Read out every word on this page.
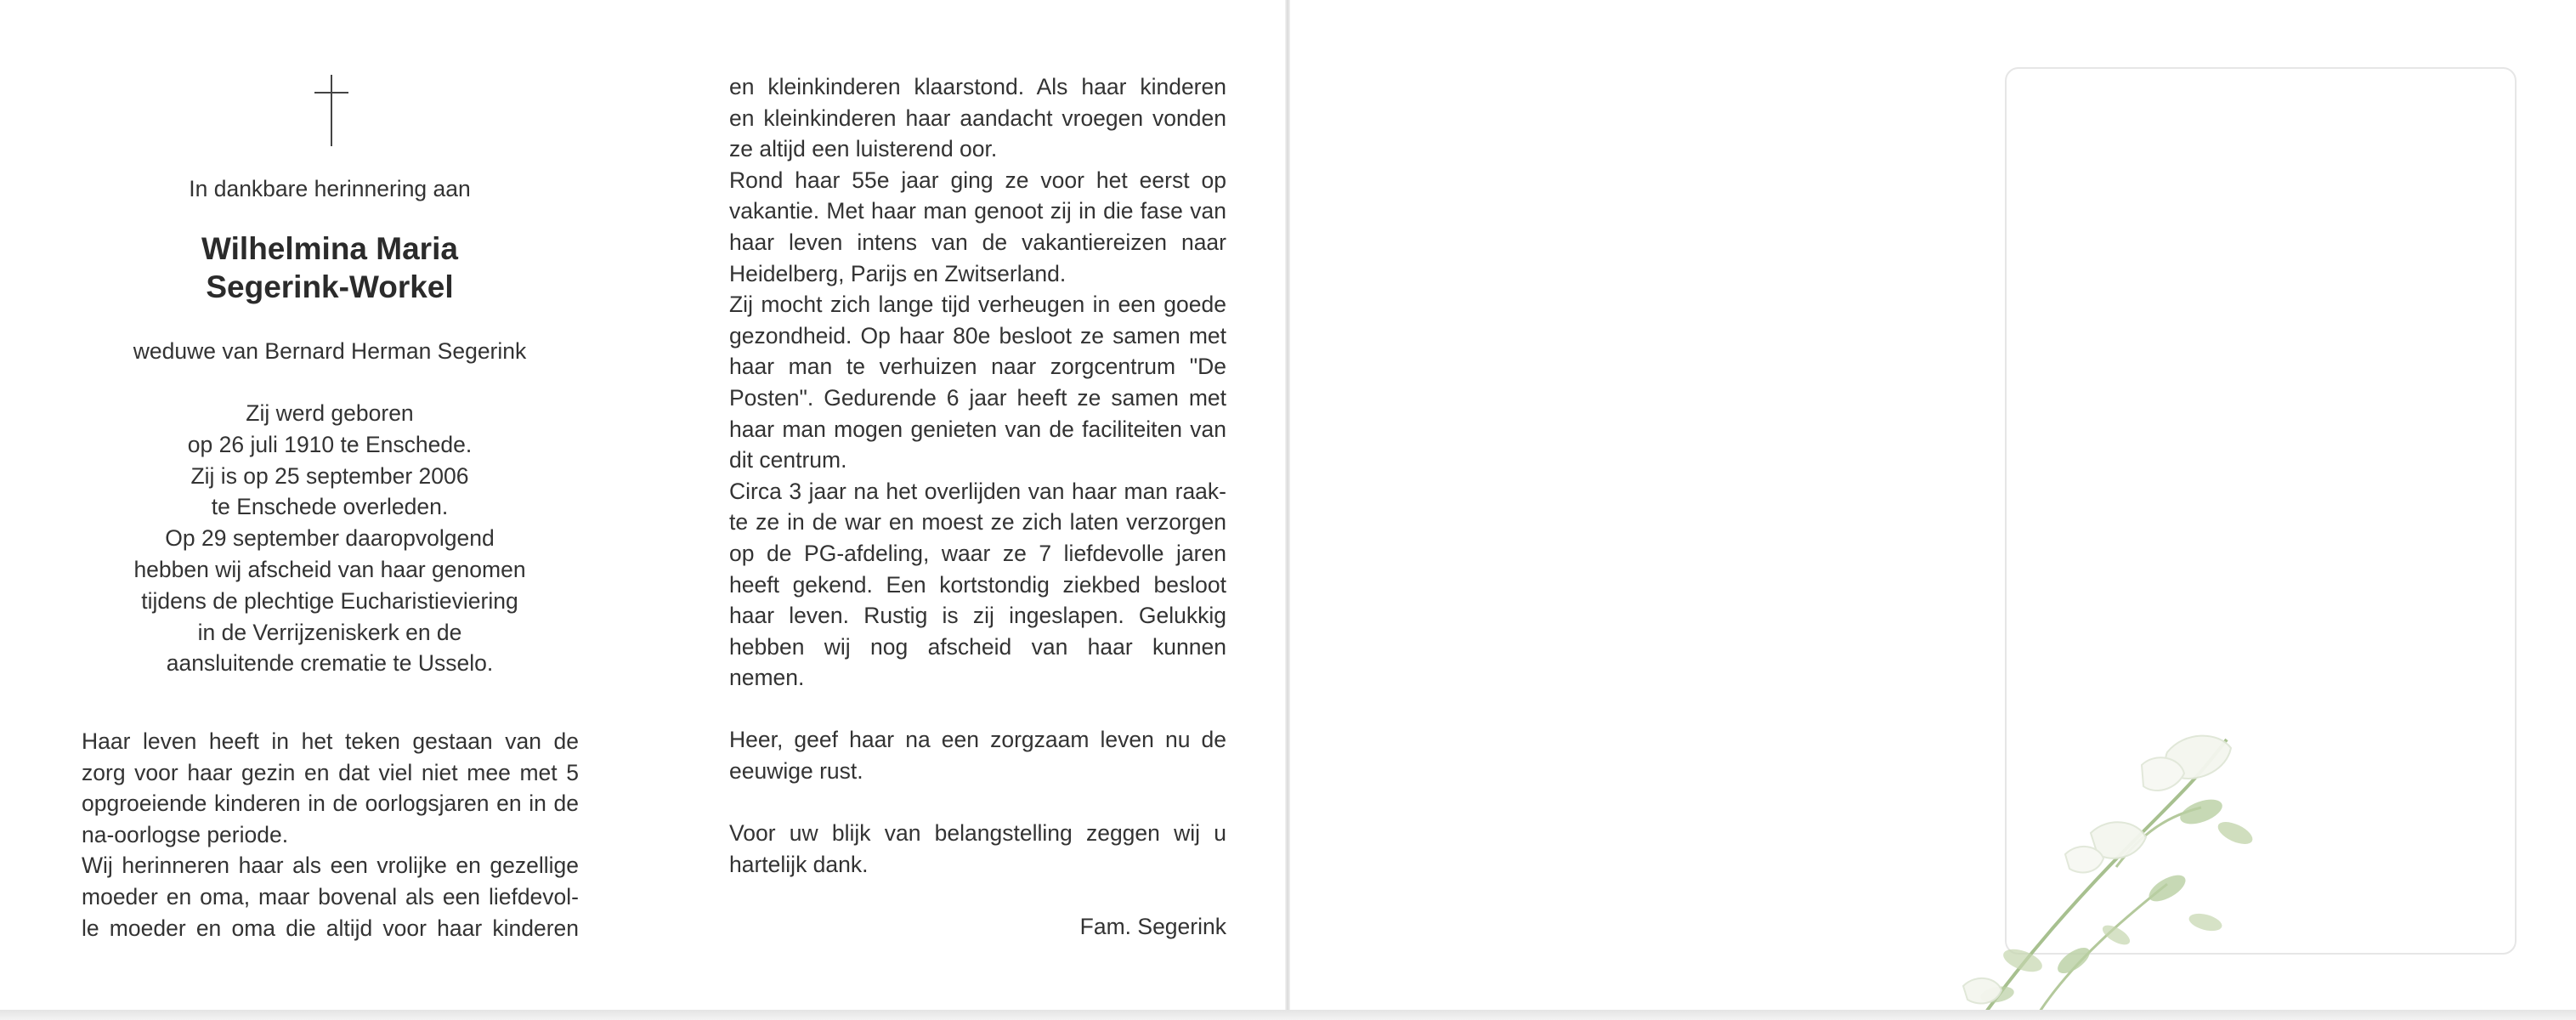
In dankbare herinnering aan
Wilhelmina Maria
Segerink-Workel
weduwe van Bernard Herman Segerink
Zij werd geboren
op 26 juli 1910 te Enschede.
Zij is op 25 september 2006
te Enschede overleden.
Op 29 september daaropvolgend
hebben wij afscheid van haar genomen
tijdens de plechtige Eucharistieviering
in de Verrijzeniskerk en de
aansluitende crematie te Usselo.

Haar leven heeft in het teken gestaan van de

zorg voor haar gezin en dat viel niet mee met 5

opgroeiende kinderen in de oorlogsjaren en in de

na-oorlogse periode.

Wij herinneren haar als een vrolijke en gezellige

moeder en oma, maar bovenal als een liefdevol-

le moeder en oma die altijd voor haar kinderen

en kleinkinderen klaarstond. Als haar kinderen

en kleinkinderen haar aandacht vroegen vonden

ze altijd een luisterend oor.

Rond haar 55e jaar ging ze voor het eerst op

vakantie. Met haar man genoot zij in die fase van

haar leven intens van de vakantiereizen naar

Heidelberg, Parijs en Zwitserland.

Zij mocht zich lange tijd verheugen in een goede

gezondheid. Op haar 80e besloot ze samen met

haar man te verhuizen naar zorgcentrum "De

Posten". Gedurende 6 jaar heeft ze samen met

haar man mogen genieten van de faciliteiten van

dit centrum.

Circa 3 jaar na het overlijden van haar man raak-

te ze in de war en moest ze zich laten verzorgen

op de PG-afdeling, waar ze 7 liefdevolle jaren

heeft gekend. Een kortstondig ziekbed besloot

haar leven. Rustig is zij ingeslapen. Gelukkig

hebben wij nog afscheid van haar kunnen

nemen.

Heer, geef haar na een zorgzaam leven nu de

eeuwige rust.

Voor uw blijk van belangstelling zeggen wij u

hartelijk dank.

Fam. Segerink
